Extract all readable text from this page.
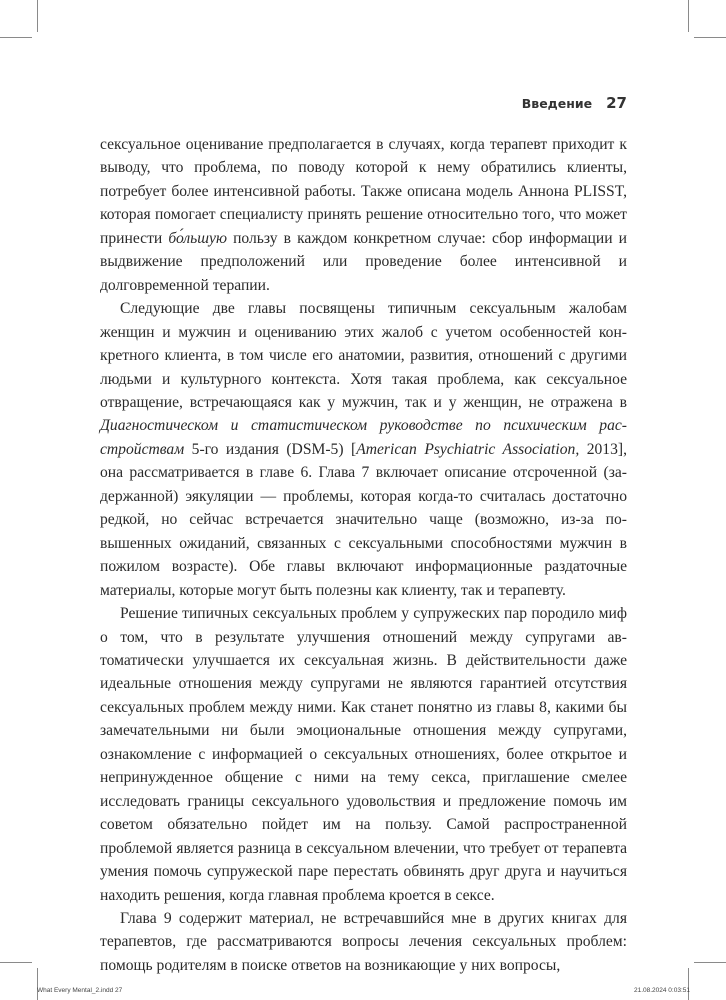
Введение 27

сексуальное оценивание предполагается в случаях, когда терапевт приходит к выводу, что проблема, по поводу которой к нему обратились клиенты, потребует более интенсивной работы. Также описана модель Аннона PLISST, которая помогает специалисту принять решение относительно того, что может принести бо́льшую пользу в каждом конкретном случае: сбор информации и выдвижение предположений или проведение более интенсивной и долговременной терапии.

Следующие две главы посвящены типичным сексуальным жалобам женщин и мужчин и оцениванию этих жалоб с учетом особенностей конкретного клиента, в том числе его анатомии, развития, отношений с другими людьми и культурного контекста. Хотя такая проблема, как сексуальное отвращение, встречающаяся как у мужчин, так и у женщин, не отражена в Диагностическом и статистическом руководстве по психическим расстройствам 5-го издания (DSM-5) [American Psychiatric Association, 2013], она рассматривается в главе 6. Глава 7 включает описание отсроченной (задержанной) эякуляции — проблемы, которая когда-то считалась достаточно редкой, но сейчас встречается значительно чаще (возможно, из-за повышенных ожиданий, связанных с сексуальными способностями мужчин в пожилом возрасте). Обе главы включают информационные раздаточные материалы, которые могут быть полезны как клиенту, так и терапевту.

Решение типичных сексуальных проблем у супружеских пар породило миф о том, что в результате улучшения отношений между супругами автоматически улучшается их сексуальная жизнь. В действительности даже идеальные отношения между супругами не являются гарантией отсутствия сексуальных проблем между ними. Как станет понятно из главы 8, какими бы замечательными ни были эмоциональные отношения между супругами, ознакомление с информацией о сексуальных отношениях, более открытое и непринужденное общение с ними на тему секса, приглашение смелее исследовать границы сексуального удовольствия и предложение помочь им советом обязательно пойдет им на пользу. Самой распространенной проблемой является разница в сексуальном влечении, что требует от терапевта умения помочь супружеской паре перестать обвинять друг друга и научиться находить решения, когда главная проблема кроется в сексе.

Глава 9 содержит материал, не встречавшийся мне в других книгах для терапевтов, где рассматриваются вопросы лечения сексуальных проблем: помощь родителям в поиске ответов на возникающие у них вопросы,

What Every Mental_2.indd 27	21.08.2024 0:03:51
